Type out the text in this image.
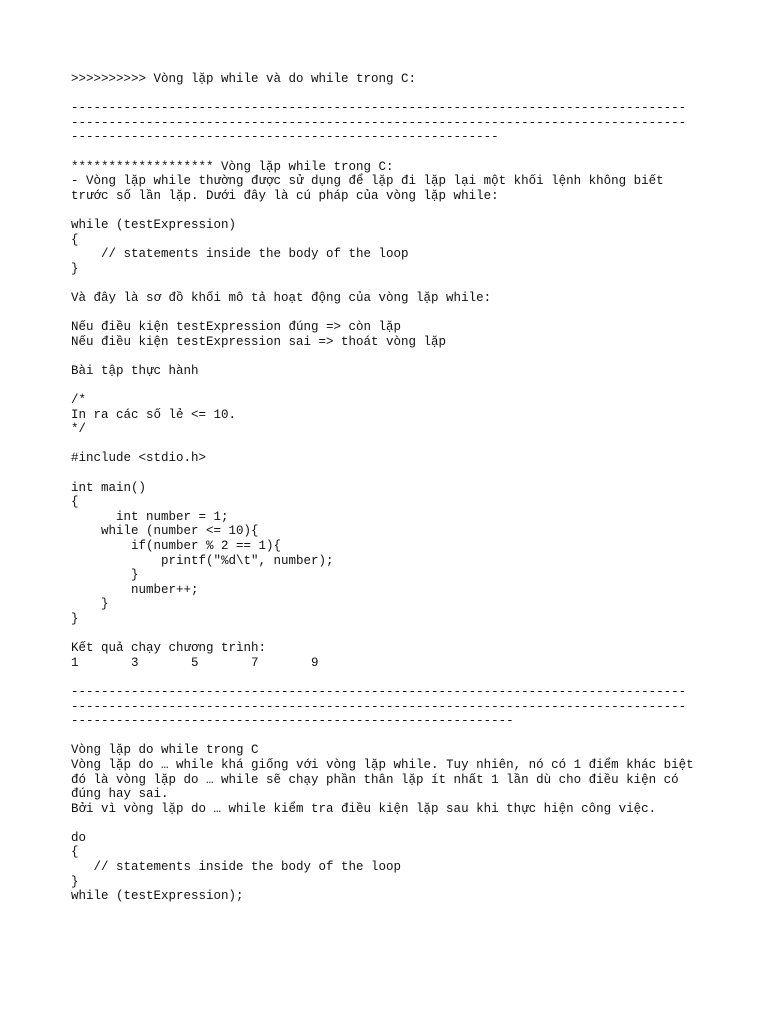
>>>>>>>>>> Vòng lặp while và do while trong C:
----------------------------------------------------------------------------------
----------------------------------------------------------------------------------
---------------------------------------------------------
******************* Vòng lặp while trong C:
- Vòng lặp while thường được sử dụng để lặp đi lặp lại một khối lệnh không biết
trước số lần lặp. Dưới đây là cú pháp của vòng lặp while:
while (testExpression)
{
// statements inside the body of the loop
}
Và đây là sơ đồ khối mô tả hoạt động của vòng lặp while:
Nếu điều kiện testExpression đúng => còn lặp
Nếu điều kiện testExpression sai => thoát vòng lặp
Bài tập thực hành
/*
In ra các số lẻ <= 10.
*/
#include <stdio.h>
int main()
{
int number = 1;
while (number <= 10){
if(number % 2 == 1){
printf("%d\t", number);
}
number++;
}
}
Kết quả chạy chương trình:
1       3       5       7       9
----------------------------------------------------------------------------------
----------------------------------------------------------------------------------
-----------------------------------------------------------
Vòng lặp do while trong C
Vòng lặp do … while khá giống với vòng lặp while. Tuy nhiên, nó có 1 điểm khác biệt
đó là vòng lặp do … while sẽ chạy phần thân lặp ít nhất 1 lần dù cho điều kiện có
đúng hay sai.
Bởi vì vòng lặp do … while kiểm tra điều kiện lặp sau khi thực hiện công việc.
do
{
// statements inside the body of the loop
}
while (testExpression);
